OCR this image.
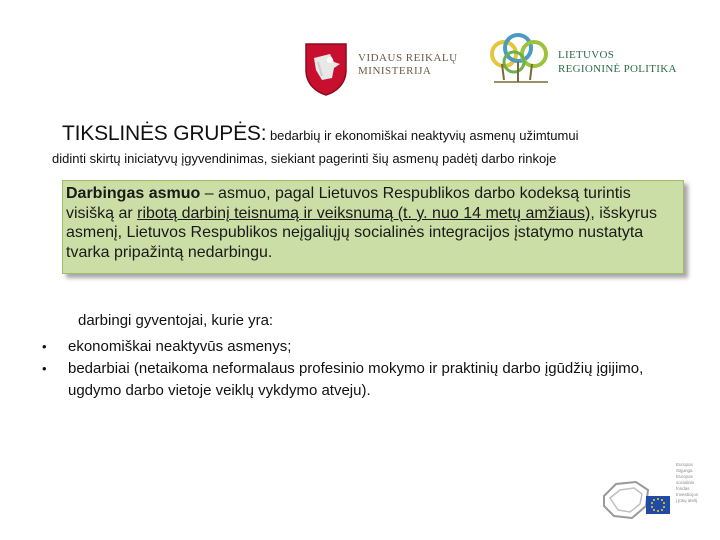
VIDAUS REIKALŲ
MINISTERIJA
LIETUVOS
REGIONINĖ POLITIKA
TIKSLINĖS GRUPĖS: bedarbių ir ekonomiškai neaktyvių asmenų užimtumui
didinti skirtų iniciatyvų įgyvendinimas, siekiant pagerinti šių asmenų padėtį darbo rinkoje
Darbingas asmuo – asmuo, pagal Lietuvos Respublikos darbo kodeksą turintis visišką ar ribotą darbinį teisnumą ir veiksnumą (t. y. nuo 14 metų amžiaus), išskyrus asmenį, Lietuvos Respublikos neįgaliųjų socialinės integracijos įstatymo nustatyta tvarka pripažintą nedarbingu.
darbingi gyventojai, kurie yra:
• ekonomiškai neaktyvūs asmenys;
• bedarbiai (netaikoma neformalaus profesinio mokymo ir praktinių darbo įgūdžių įgijimo, ugdymo darbo vietoje veiklų vykdymo atveju).
Europos
Sąjunga
Europos
socialinis
fondas
Investicijos
į jūsų ateitį
